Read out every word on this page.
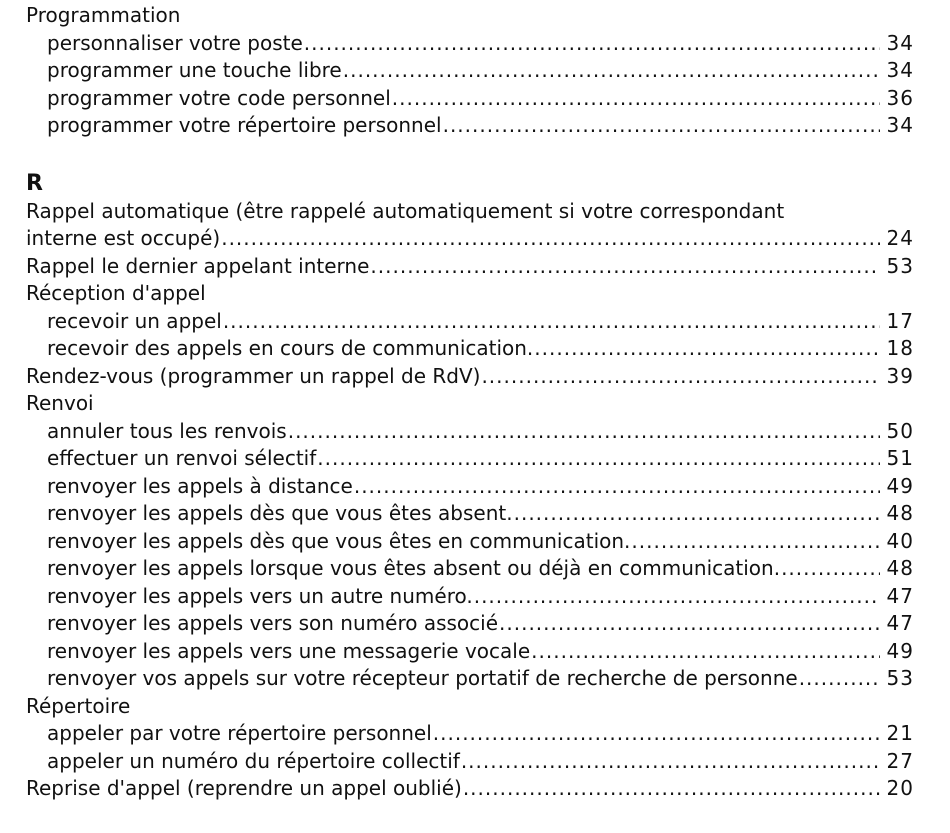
Programmation
personnaliser votre poste .....	34
programmer une touche libre .....	34
programmer votre code personnel .....	36
programmer votre répertoire personnel .....	34
R
Rappel automatique (être rappelé automatiquement si votre correspondant
interne est occupé) .....	24
Rappel le dernier appelant interne .....	53
Réception d'appel
recevoir un appel .....	17
recevoir des appels en cours de communication. .....	18
Rendez-vous (programmer un rappel de RdV) .....	39
Renvoi
annuler tous les renvois .....	50
effectuer un renvoi sélectif .....	51
renvoyer les appels à distance .....	49
renvoyer les appels dès que vous êtes absent. .....	48
renvoyer les appels dès que vous êtes en communication. .....	40
renvoyer les appels lorsque vous êtes absent ou déjà en communication. .....	48
renvoyer les appels vers un autre numéro. .....	47
renvoyer les appels vers son numéro associé .....	47
renvoyer les appels vers une messagerie vocale .....	49
renvoyer vos appels sur votre récepteur portatif de recherche de personne .....	53
Répertoire
appeler par votre répertoire personnel .....	21
appeler un numéro du répertoire collectif .....	27
Reprise d'appel (reprendre un appel oublié) .....	20
